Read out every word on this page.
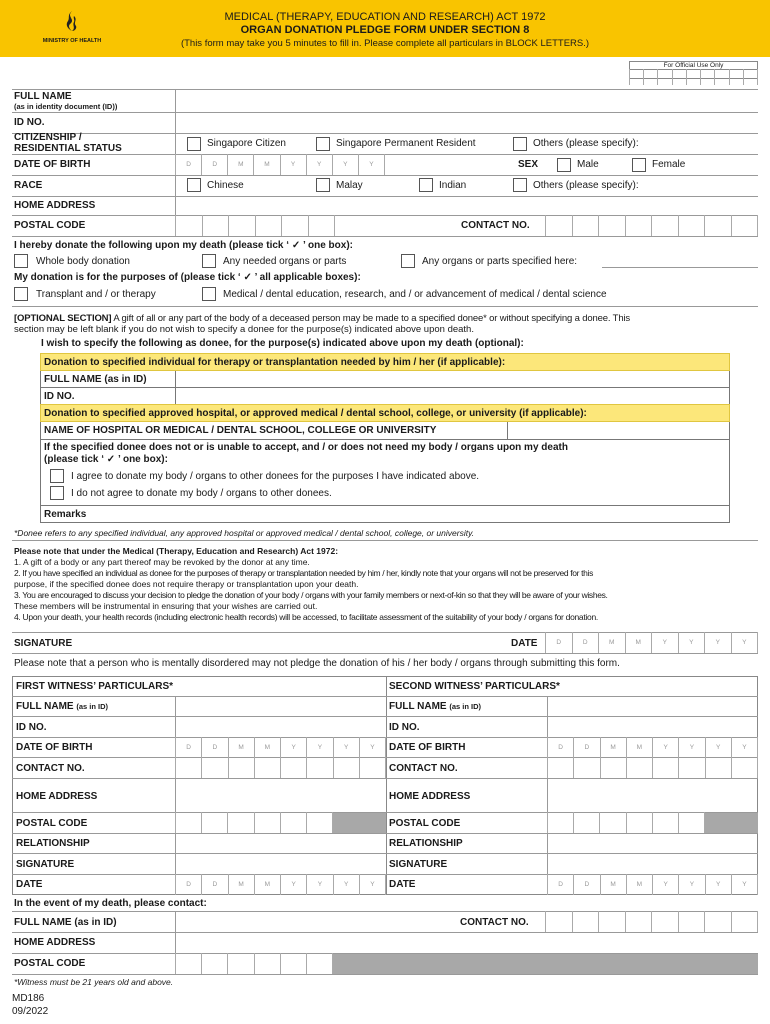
MINISTRY OF HEALTH
MEDICAL (THERAPY, EDUCATION AND RESEARCH) ACT 1972
ORGAN DONATION PLEDGE FORM UNDER SECTION 8
(This form may take you 5 minutes to fill in. Please complete all particulars in BLOCK LETTERS.)
For Official Use Only
FULL NAME
(as in identity document (ID))
ID NO.
CITIZENSHIP /
RESIDENTIAL STATUS	Singapore Citizen	Singapore Permanent Resident	Others (please specify):
DATE OF BIRTH	D	D	M	M	Y	Y	Y	Y	SEX	Male	Female
RACE	Chinese	Malay	Indian	Others (please specify):
HOME ADDRESS
POSTAL CODE	CONTACT NO.
I hereby donate the following upon my death (please tick ‘ ✓ ’ one box):
Whole body donation	Any needed organs or parts	Any organs or parts specified here:
My donation is for the purposes of (please tick ‘ ✓ ’ all applicable boxes):
Transplant and / or therapy	Medical / dental education, research, and / or advancement of medical / dental science
[OPTIONAL SECTION] A gift of all or any part of the body of a deceased person may be made to a specified donee* or without specifying a donee. This
section may be left blank if you do not wish to specify a donee for the purpose(s) indicated above upon death.
I wish to specify the following as donee, for the purpose(s) indicated above upon my death (optional):
Donation to specified individual for therapy or transplantation needed by him / her (if applicable):
FULL NAME (as in ID)
ID NO.
Donation to specified approved hospital, or approved medical / dental school, college, or university (if applicable):
NAME OF HOSPITAL OR MEDICAL / DENTAL SCHOOL, COLLEGE OR UNIVERSITY
If the specified donee does not or is unable to accept, and / or does not need my body / organs upon my death
(please tick ‘ ✓ ’ one box):
I agree to donate my body / organs to other donees for the purposes I have indicated above.
I do not agree to donate my body / organs to other donees.
Remarks
*Donee refers to any specified individual, any approved hospital or approved medical / dental school, college, or university.
Please note that under the Medical (Therapy, Education and Research) Act 1972:
1. A gift of a body or any part thereof may be revoked by the donor at any time.
2. If you have specified an individual as donee for the purposes of therapy or transplantation needed by him / her, kindly note that your organs will not be preserved for this
purpose, if the specified donee does not require therapy or transplantation upon your death.
3. You are encouraged to discuss your decision to pledge the donation of your body / organs with your family members or next-of-kin so that they will be aware of your wishes.
These members will be instrumental in ensuring that your wishes are carried out.
4. Upon your death, your health records (including electronic health records) will be accessed, to facilitate assessment of the suitability of your body / organs for donation.
SIGNATURE	DATE	D	D	M	M	Y	Y	Y	Y
Please note that a person who is mentally disordered may not pledge the donation of his / her body / organs through submitting this form.
FIRST WITNESS’ PARTICULARS*	SECOND WITNESS’ PARTICULARS*
FULL NAME (as in ID)	FULL NAME (as in ID)
ID NO.	ID NO.
DATE OF BIRTH	D	D	M	M	Y	Y	Y	Y	DATE OF BIRTH	D	D	M	M	Y	Y	Y	Y
CONTACT NO.	CONTACT NO.
HOME ADDRESS	HOME ADDRESS
POSTAL CODE	POSTAL CODE
RELATIONSHIP	RELATIONSHIP
SIGNATURE	SIGNATURE
DATE	D	D	M	M	Y	Y	Y	Y	DATE	D	D	M	M	Y	Y	Y	Y
In the event of my death, please contact:
FULL NAME (as in ID)	CONTACT NO.
HOME ADDRESS
POSTAL CODE
*Witness must be 21 years old and above.
MD186
09/2022
